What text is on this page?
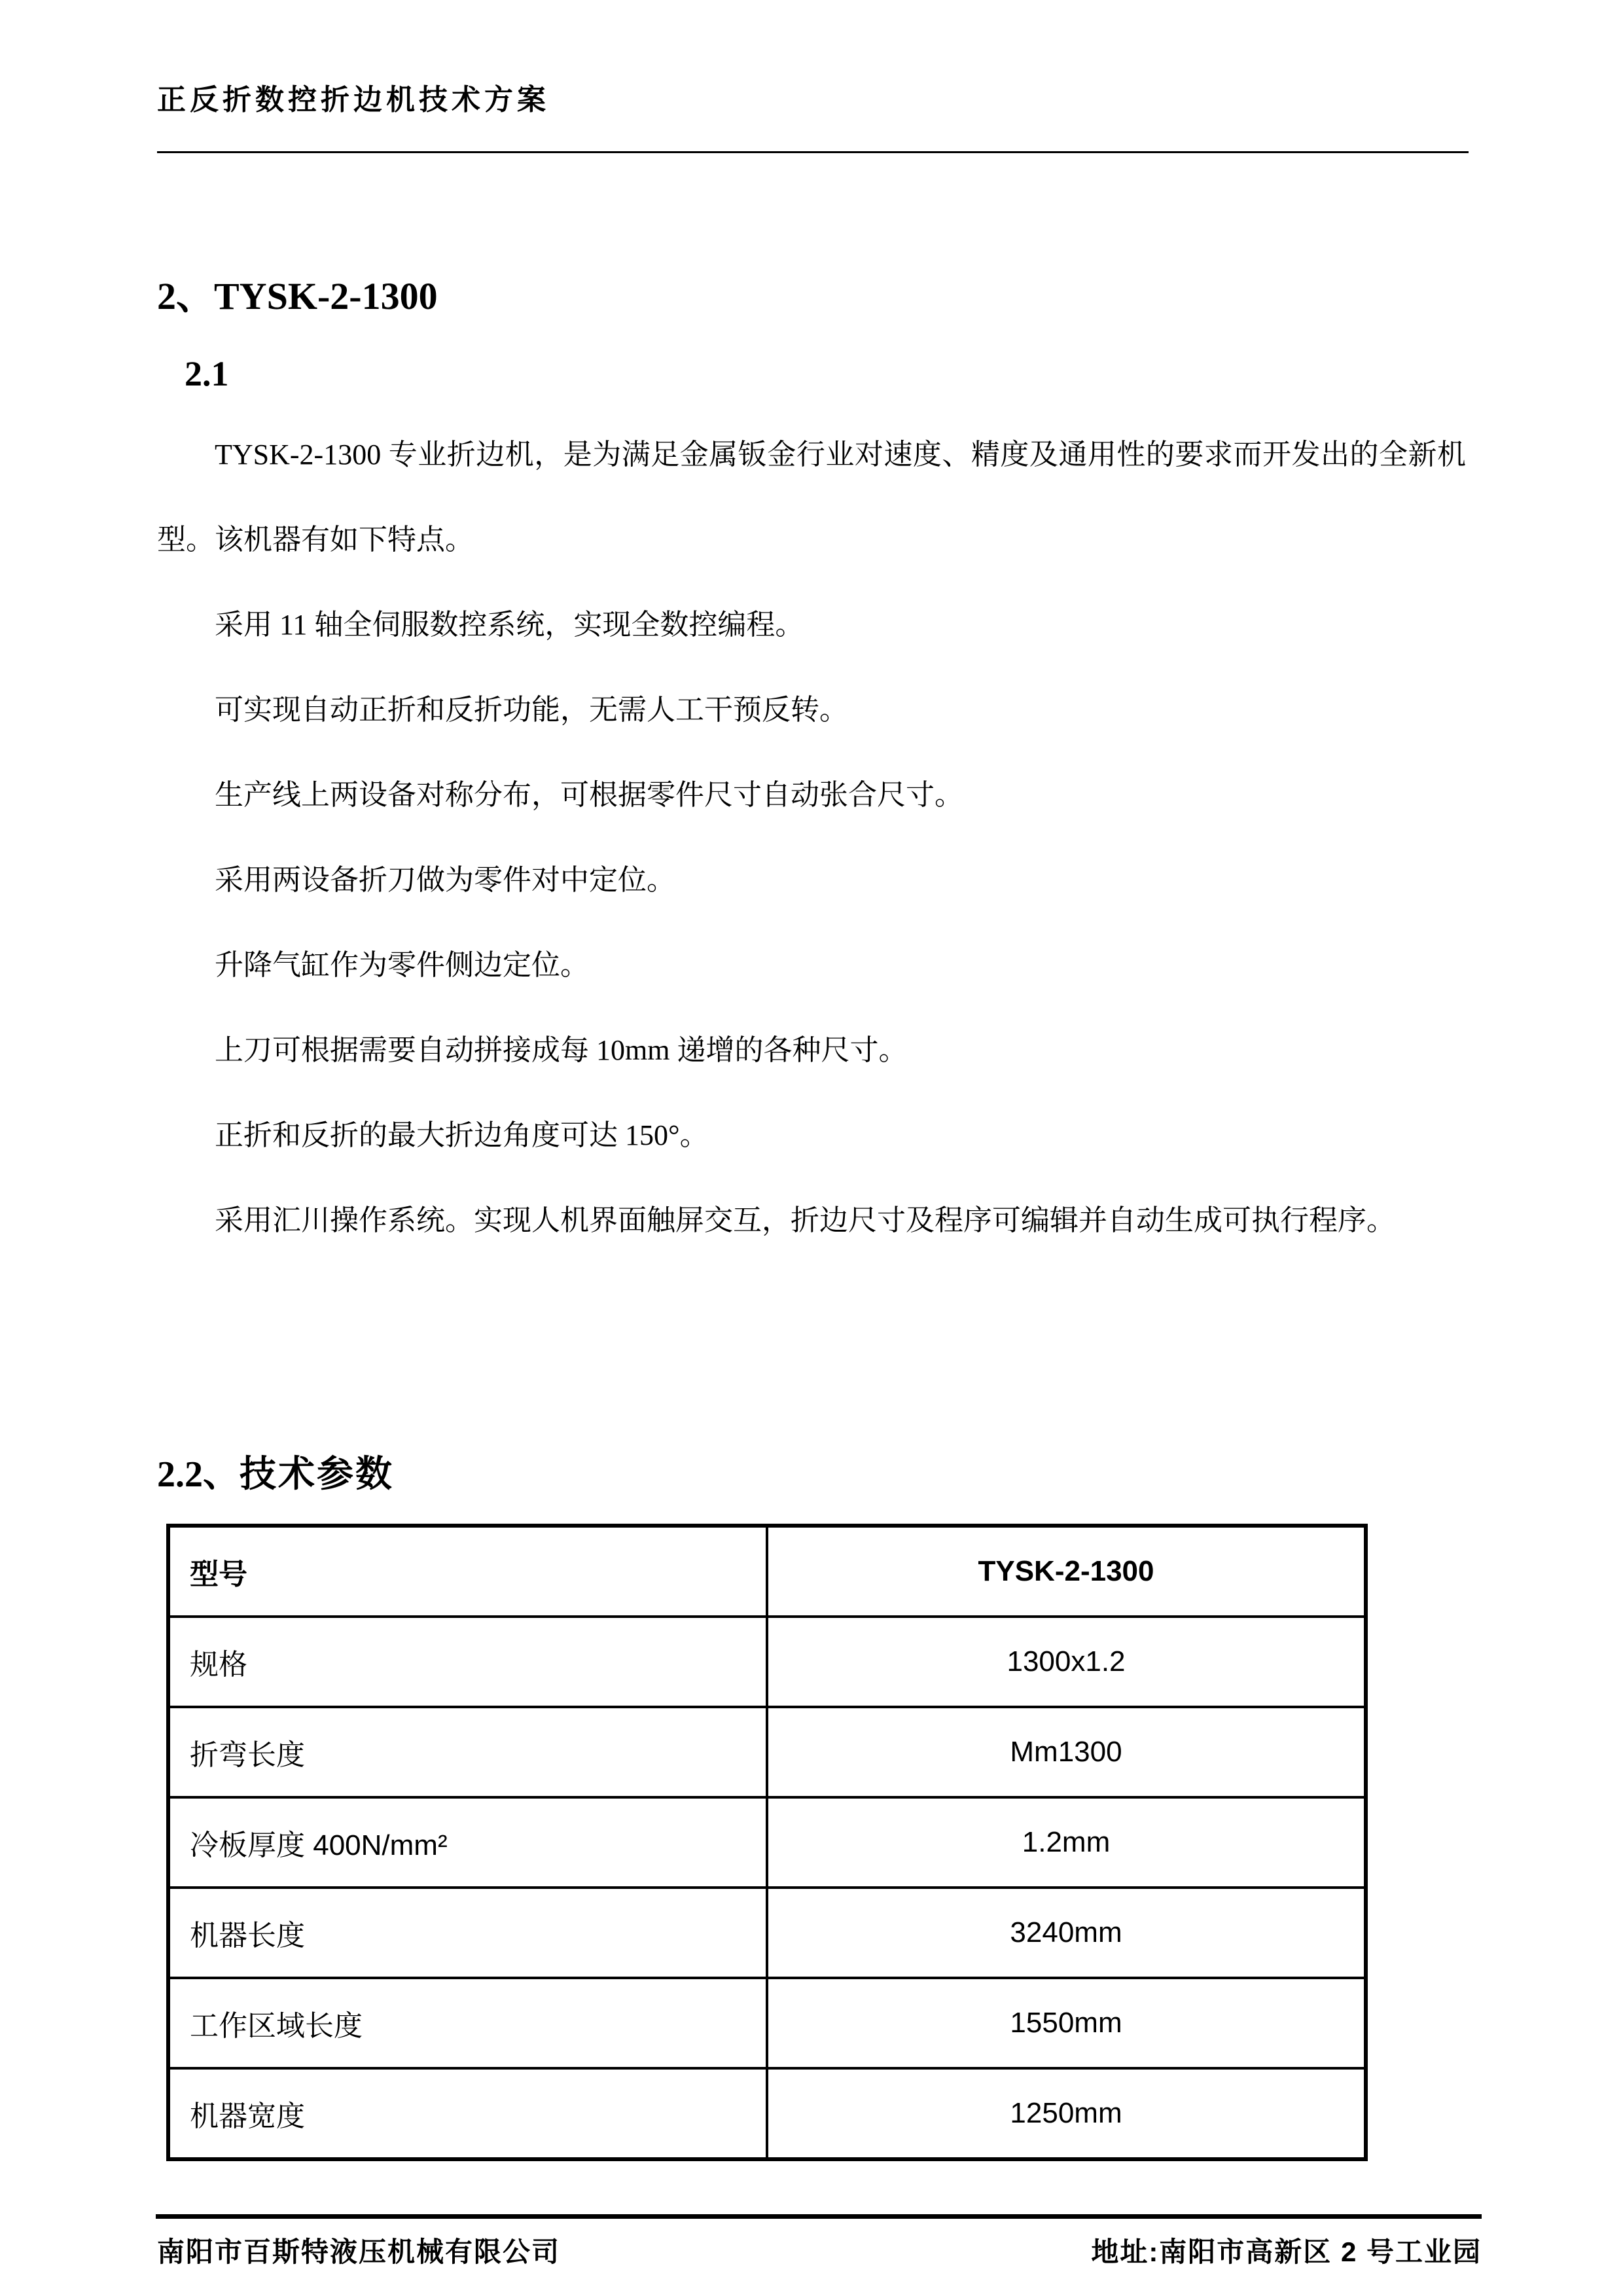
正反折数控折边机技术方案
2、TYSK-2-1300
2.1

TYSK-2-1300 专业折边机，是为满足金属钣金行业对速度、精度及通用性的要求而开发出的全新机型。该机器有如下特点。

采用 11 轴全伺服数控系统，实现全数控编程。

可实现自动正折和反折功能，无需人工干预反转。

生产线上两设备对称分布，可根据零件尺寸自动张合尺寸。

采用两设备折刀做为零件对中定位。

升降气缸作为零件侧边定位。

上刀可根据需要自动拼接成每 10mm 递增的各种尺寸。

正折和反折的最大折边角度可达 150°。

采用汇川操作系统。实现人机界面触屏交互，折边尺寸及程序可编辑并自动生成可执行程序。

2.2、技术参数
型号	TYSK-2-1300
规格	1300x1.2
折弯长度	Mm1300
冷板厚度 400N/mm²	1.2mm
机器长度	3240mm
工作区域长度	1550mm
机器宽度	1250mm
南阳市百斯特液压机械有限公司	地址:南阳市高新区 2 号工业园
